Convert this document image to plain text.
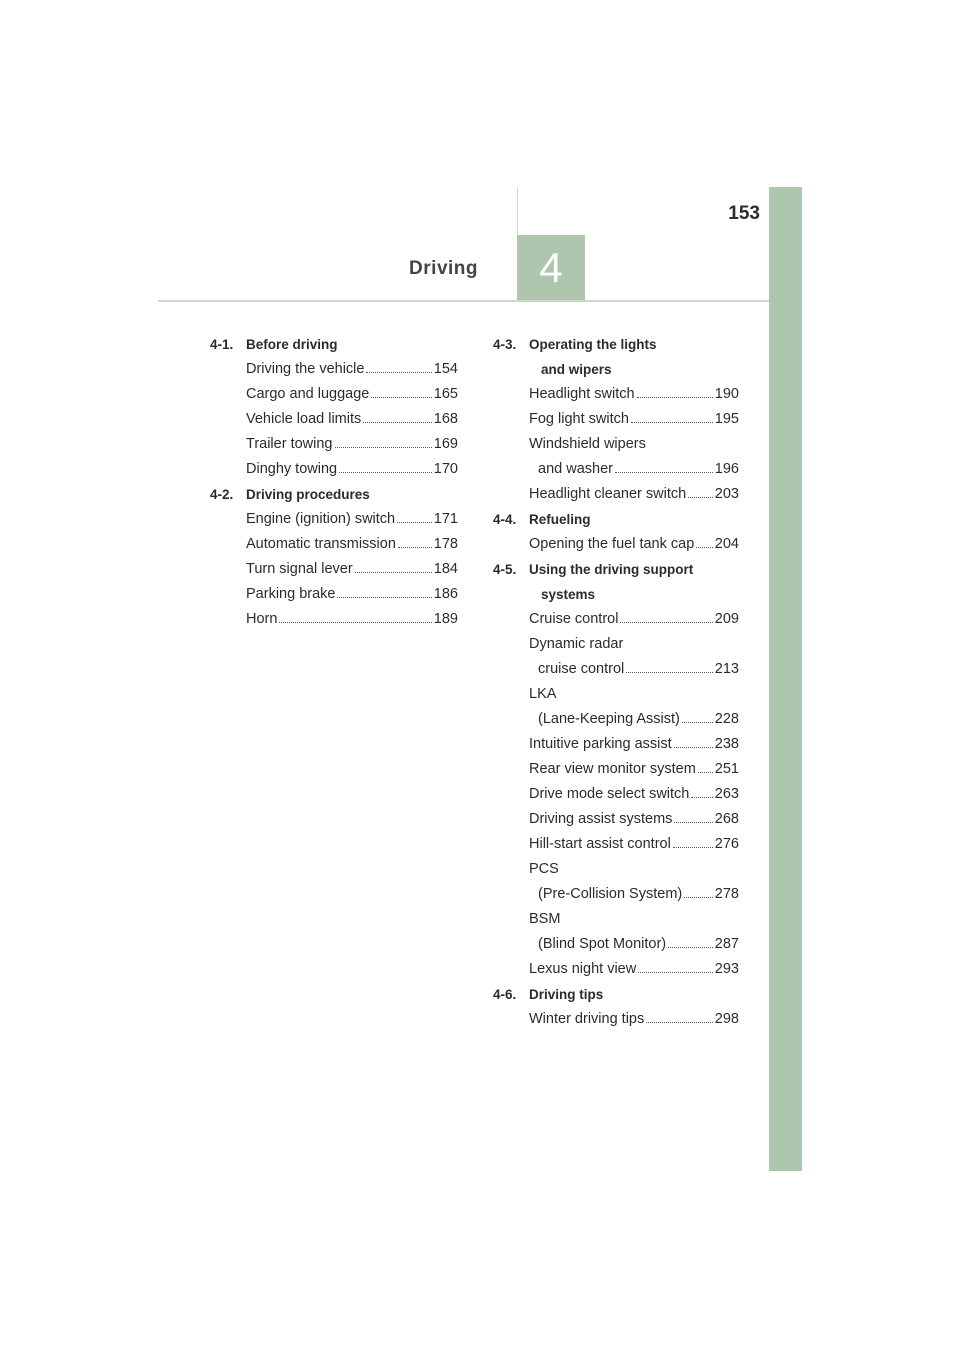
153
Driving 4
4-1. Before driving
Driving the vehicle	154
Cargo and luggage	165
Vehicle load limits	168
Trailer towing	169
Dinghy towing	170
4-2. Driving procedures
Engine (ignition) switch	171
Automatic transmission	178
Turn signal lever	184
Parking brake	186
Horn	189
4-3. Operating the lights
and wipers
Headlight switch	190
Fog light switch	195
Windshield wipers
and washer	196
Headlight cleaner switch 203
4-4. Refueling
Opening the fuel tank cap 204
4-5. Using the driving support
systems
Cruise control	209
Dynamic radar
cruise control	213
LKA
(Lane-Keeping Assist) 228
Intuitive parking assist	238
Rear view monitor system 251
Drive mode select switch 263
Driving assist systems	268
Hill-start assist control	276
PCS
(Pre-Collision System) 278
BSM
(Blind Spot Monitor)	287
Lexus night view	293
4-6. Driving tips
Winter driving tips	298
